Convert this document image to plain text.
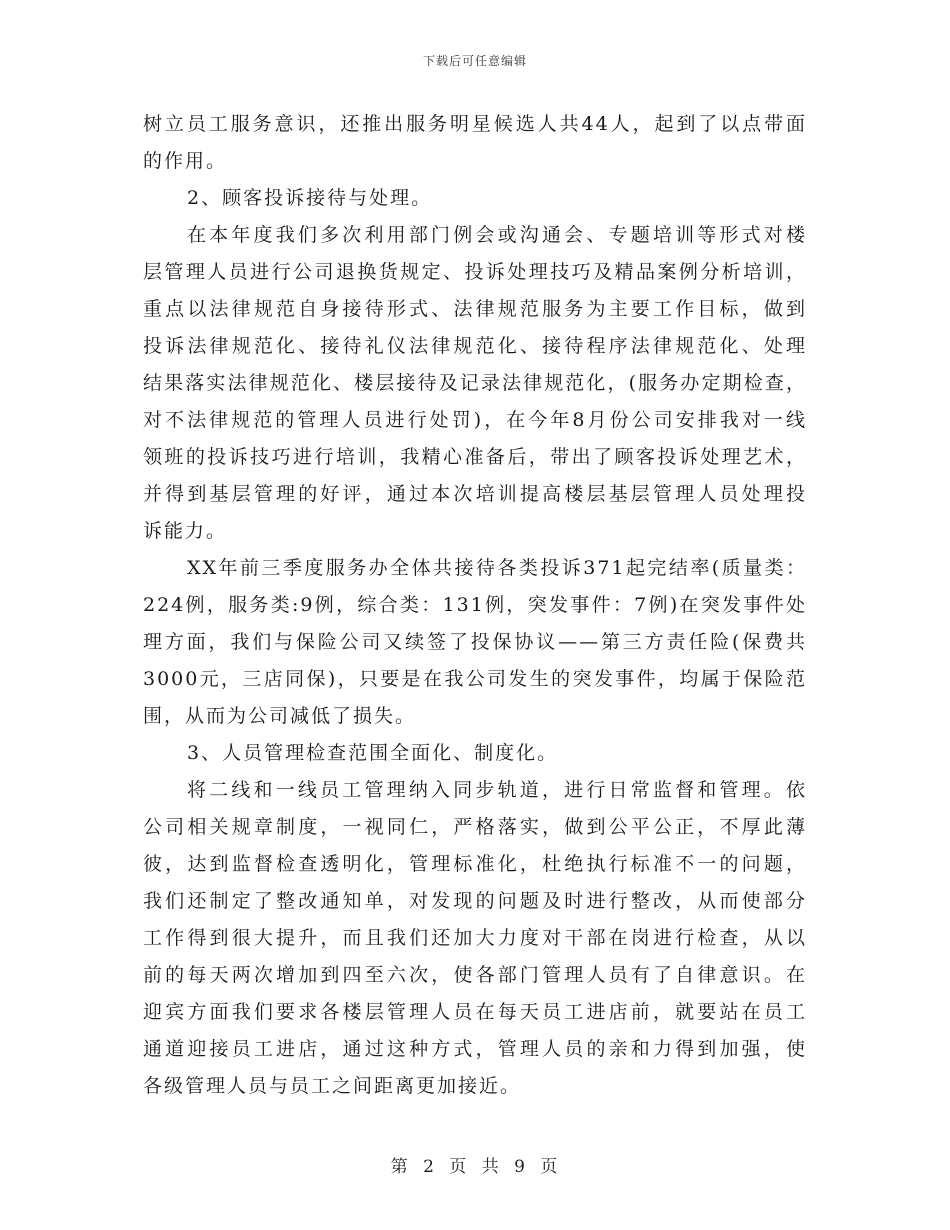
下载后可任意编辑
树立员工服务意识，还推出服务明星候选人共44人，起到了以点带面
的作用。
2、顾客投诉接待与处理。
在本年度我们多次利用部门例会或沟通会、专题培训等形式对楼
层管理人员进行公司退换货规定、投诉处理技巧及精品案例分析培训，
重点以法律规范自身接待形式、法律规范服务为主要工作目标，做到
投诉法律规范化、接待礼仪法律规范化、接待程序法律规范化、处理
结果落实法律规范化、楼层接待及记录法律规范化，(服务办定期检查，
对不法律规范的管理人员进行处罚)，在今年8月份公司安排我对一线
领班的投诉技巧进行培训，我精心准备后，带出了顾客投诉处理艺术，
并得到基层管理的好评，通过本次培训提高楼层基层管理人员处理投
诉能力。
XX年前三季度服务办全体共接待各类投诉371起完结率(质量类：
224例，服务类:9例，综合类：131例，突发事件：7例)在突发事件处
理方面，我们与保险公司又续签了投保协议——第三方责任险(保费共
3000元，三店同保)，只要是在我公司发生的突发事件，均属于保险范
围，从而为公司减低了损失。
3、人员管理检查范围全面化、制度化。
将二线和一线员工管理纳入同步轨道，进行日常监督和管理。依
公司相关规章制度，一视同仁，严格落实，做到公平公正，不厚此薄
彼，达到监督检查透明化，管理标准化，杜绝执行标准不一的问题，
我们还制定了整改通知单，对发现的问题及时进行整改，从而使部分
工作得到很大提升，而且我们还加大力度对干部在岗进行检查，从以
前的每天两次增加到四至六次，使各部门管理人员有了自律意识。在
迎宾方面我们要求各楼层管理人员在每天员工进店前，就要站在员工
通道迎接员工进店，通过这种方式，管理人员的亲和力得到加强，使
各级管理人员与员工之间距离更加接近。
第 2 页 共 9 页
